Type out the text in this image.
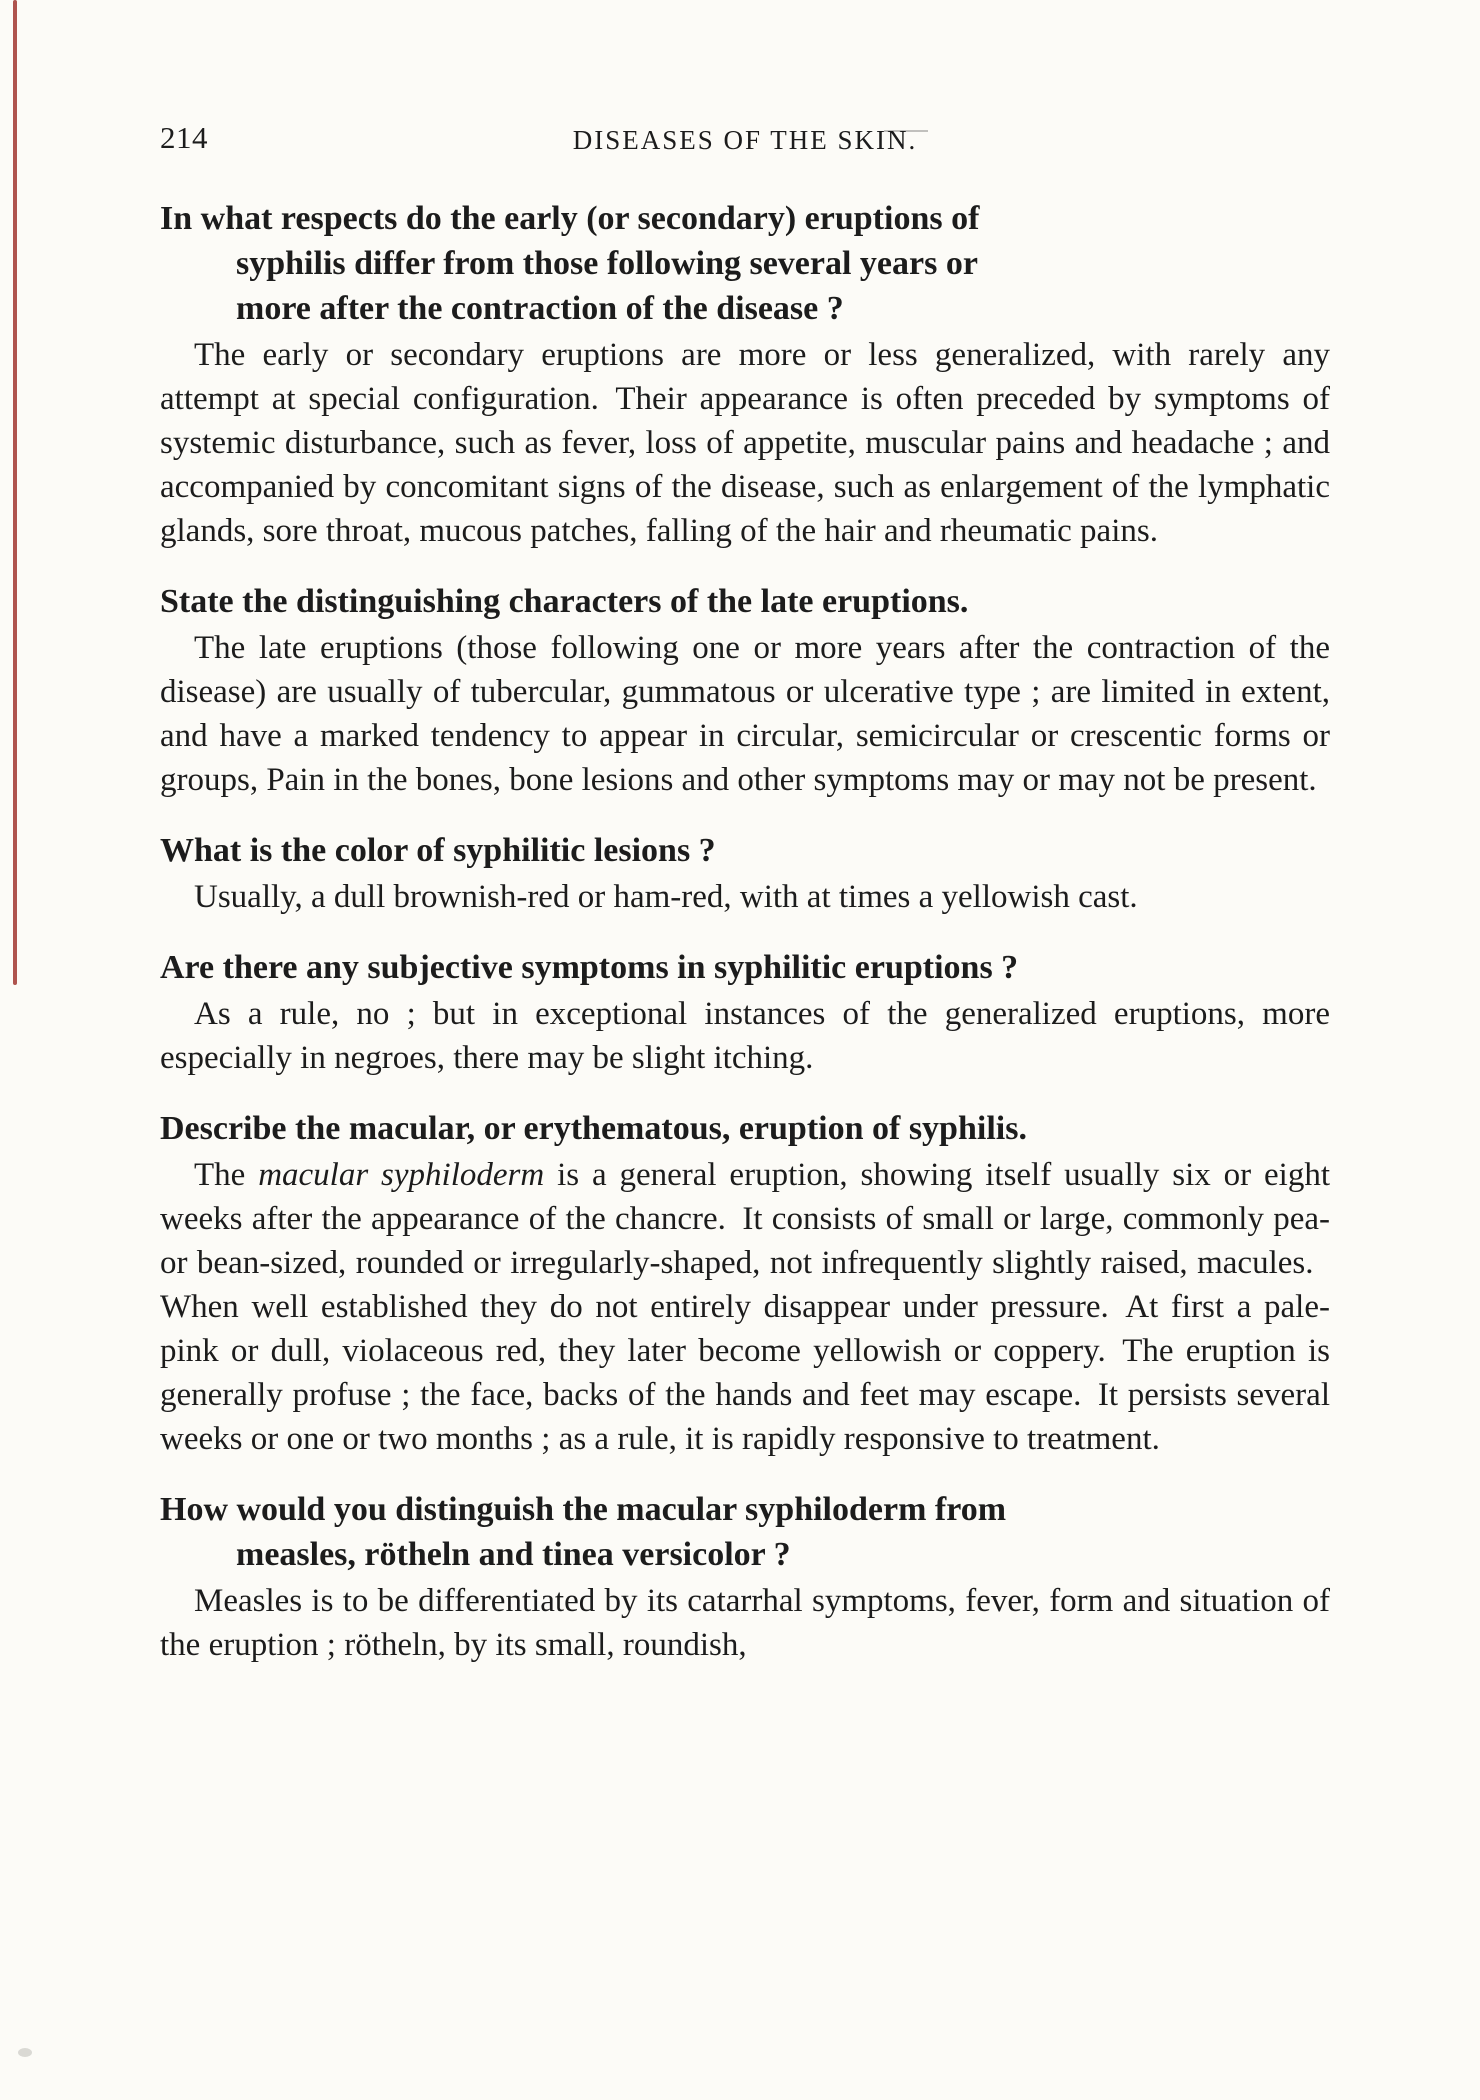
214	DISEASES OF THE SKIN.
In what respects do the early (or secondary) eruptions of
syphilis differ from those following several years or
more after the contraction of the disease ?

The early or secondary eruptions are more or less generalized, with rarely any attempt at special configuration. Their appearance is often preceded by symptoms of systemic disturbance, such as fever, loss of appetite, muscular pains and headache ; and accompanied by concomitant signs of the disease, such as enlargement of the lymphatic glands, sore throat, mucous patches, falling of the hair and rheumatic pains.

State the distinguishing characters of the late eruptions.

The late eruptions (those following one or more years after the contraction of the disease) are usually of tubercular, gummatous or ulcerative type ; are limited in extent, and have a marked tendency to appear in circular, semicircular or crescentic forms or groups, Pain in the bones, bone lesions and other symptoms may or may not be present.

What is the color of syphilitic lesions ?

Usually, a dull brownish-red or ham-red, with at times a yellowish cast.

Are there any subjective symptoms in syphilitic eruptions ?

As a rule, no ; but in exceptional instances of the generalized eruptions, more especially in negroes, there may be slight itching.

Describe the macular, or erythematous, eruption of syphilis.

The macular syphiloderm is a general eruption, showing itself usually six or eight weeks after the appearance of the chancre. It consists of small or large, commonly pea- or bean-sized, rounded or irregularly-shaped, not infrequently slightly raised, macules. When well established they do not entirely disappear under pressure. At first a pale-pink or dull, violaceous red, they later become yellowish or coppery. The eruption is generally profuse ; the face, backs of the hands and feet may escape. It persists several weeks or one or two months ; as a rule, it is rapidly responsive to treatment.

How would you distinguish the macular syphiloderm from
measles, rötheln and tinea versicolor ?

Measles is to be differentiated by its catarrhal symptoms, fever, form and situation of the eruption ; rötheln, by its small, roundish,
